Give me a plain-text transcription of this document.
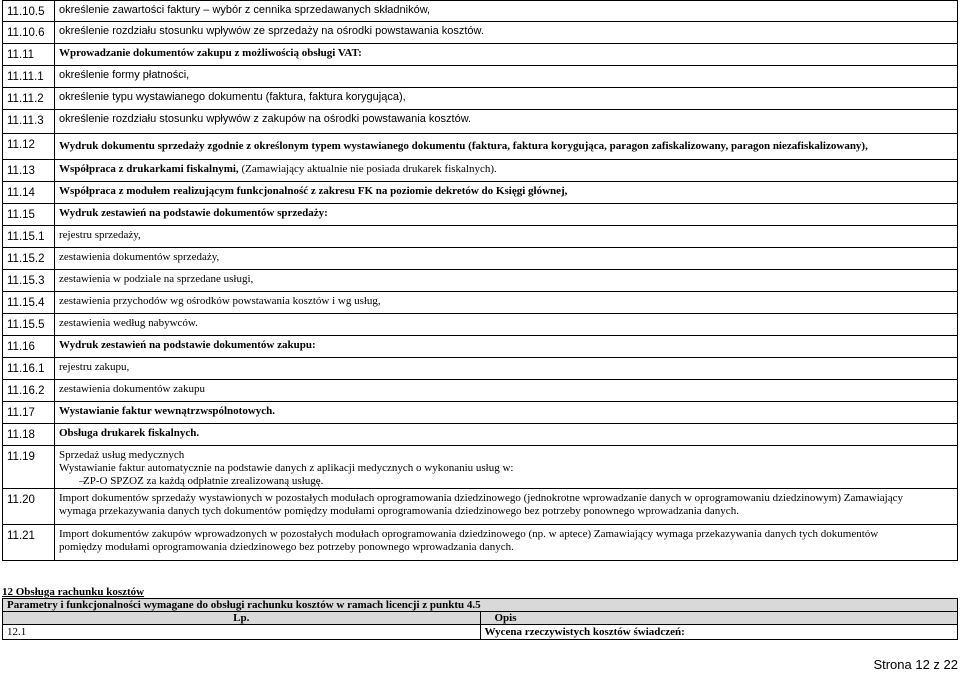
11.10.5	określenie zawartości faktury – wybór z cennika sprzedawanych składników,
11.10.6	określenie rozdziału stosunku wpływów ze sprzedaży na ośrodki powstawania kosztów.
11.11	Wprowadzanie dokumentów zakupu z możliwością obsługi VAT:
11.11.1	określenie formy płatności,
11.11.2	określenie typu wystawianego dokumentu (faktura, faktura korygująca),
11.11.3	określenie rozdziału stosunku wpływów z zakupów na ośrodki powstawania kosztów.
11.12	Wydruk dokumentu sprzedaży zgodnie z określonym typem wystawianego dokumentu (faktura, faktura korygująca, paragon zafiskalizowany, paragon niezafiskalizowany),
11.13	Współpraca z drukarkami fiskalnymi, (Zamawiający aktualnie nie posiada drukarek fiskalnych).
11.14	Współpraca z modułem realizującym funkcjonalność z zakresu FK na poziomie dekretów do Księgi głównej,
11.15	Wydruk zestawień na podstawie dokumentów sprzedaży:
11.15.1	rejestru sprzedaży,
11.15.2	zestawienia dokumentów sprzedaży,
11.15.3	zestawienia w podziale na sprzedane usługi,
11.15.4	zestawienia przychodów wg ośrodków powstawania kosztów i wg usług,
11.15.5	zestawienia według nabywców.
11.16	Wydruk zestawień na podstawie dokumentów zakupu:
11.16.1	rejestru zakupu,
11.16.2	zestawienia dokumentów zakupu
11.17	Wystawianie faktur wewnątrzwspólnotowych.
11.18	Obsługa drukarek fiskalnych.
11.19	Sprzedaż usług medycznych
Wystawianie faktur automatycznie na podstawie danych z aplikacji medycznych o wykonaniu usług w:
–
ZP-O SPZOZ za każdą odpłatnie zrealizowaną usługę.

11.20	Import dokumentów sprzedaży wystawionych w pozostałych modułach oprogramowania dziedzinowego (jednokrotne wprowadzanie danych w oprogramowaniu dziedzinowym) Zamawiający
wymaga przekazywania danych tych dokumentów pomiędzy modułami oprogramowania dziedzinowego bez potrzeby ponownego wprowadzania danych.

11.21	Import dokumentów zakupów wprowadzonych w pozostałych modułach oprogramowania dziedzinowego (np. w aptece) Zamawiający wymaga przekazywania danych tych dokumentów
pomiędzy modułami oprogramowania dziedzinowego bez potrzeby ponownego wprowadzania danych.
12 Obsługa rachunku kosztów
Parametry i funkcjonalności wymagane do obsługi rachunku kosztów w ramach licencji z punktu 4.5	
Lp.	Opis
12.1	Wycena rzeczywistych kosztów świadczeń:
Strona 12 z 22
